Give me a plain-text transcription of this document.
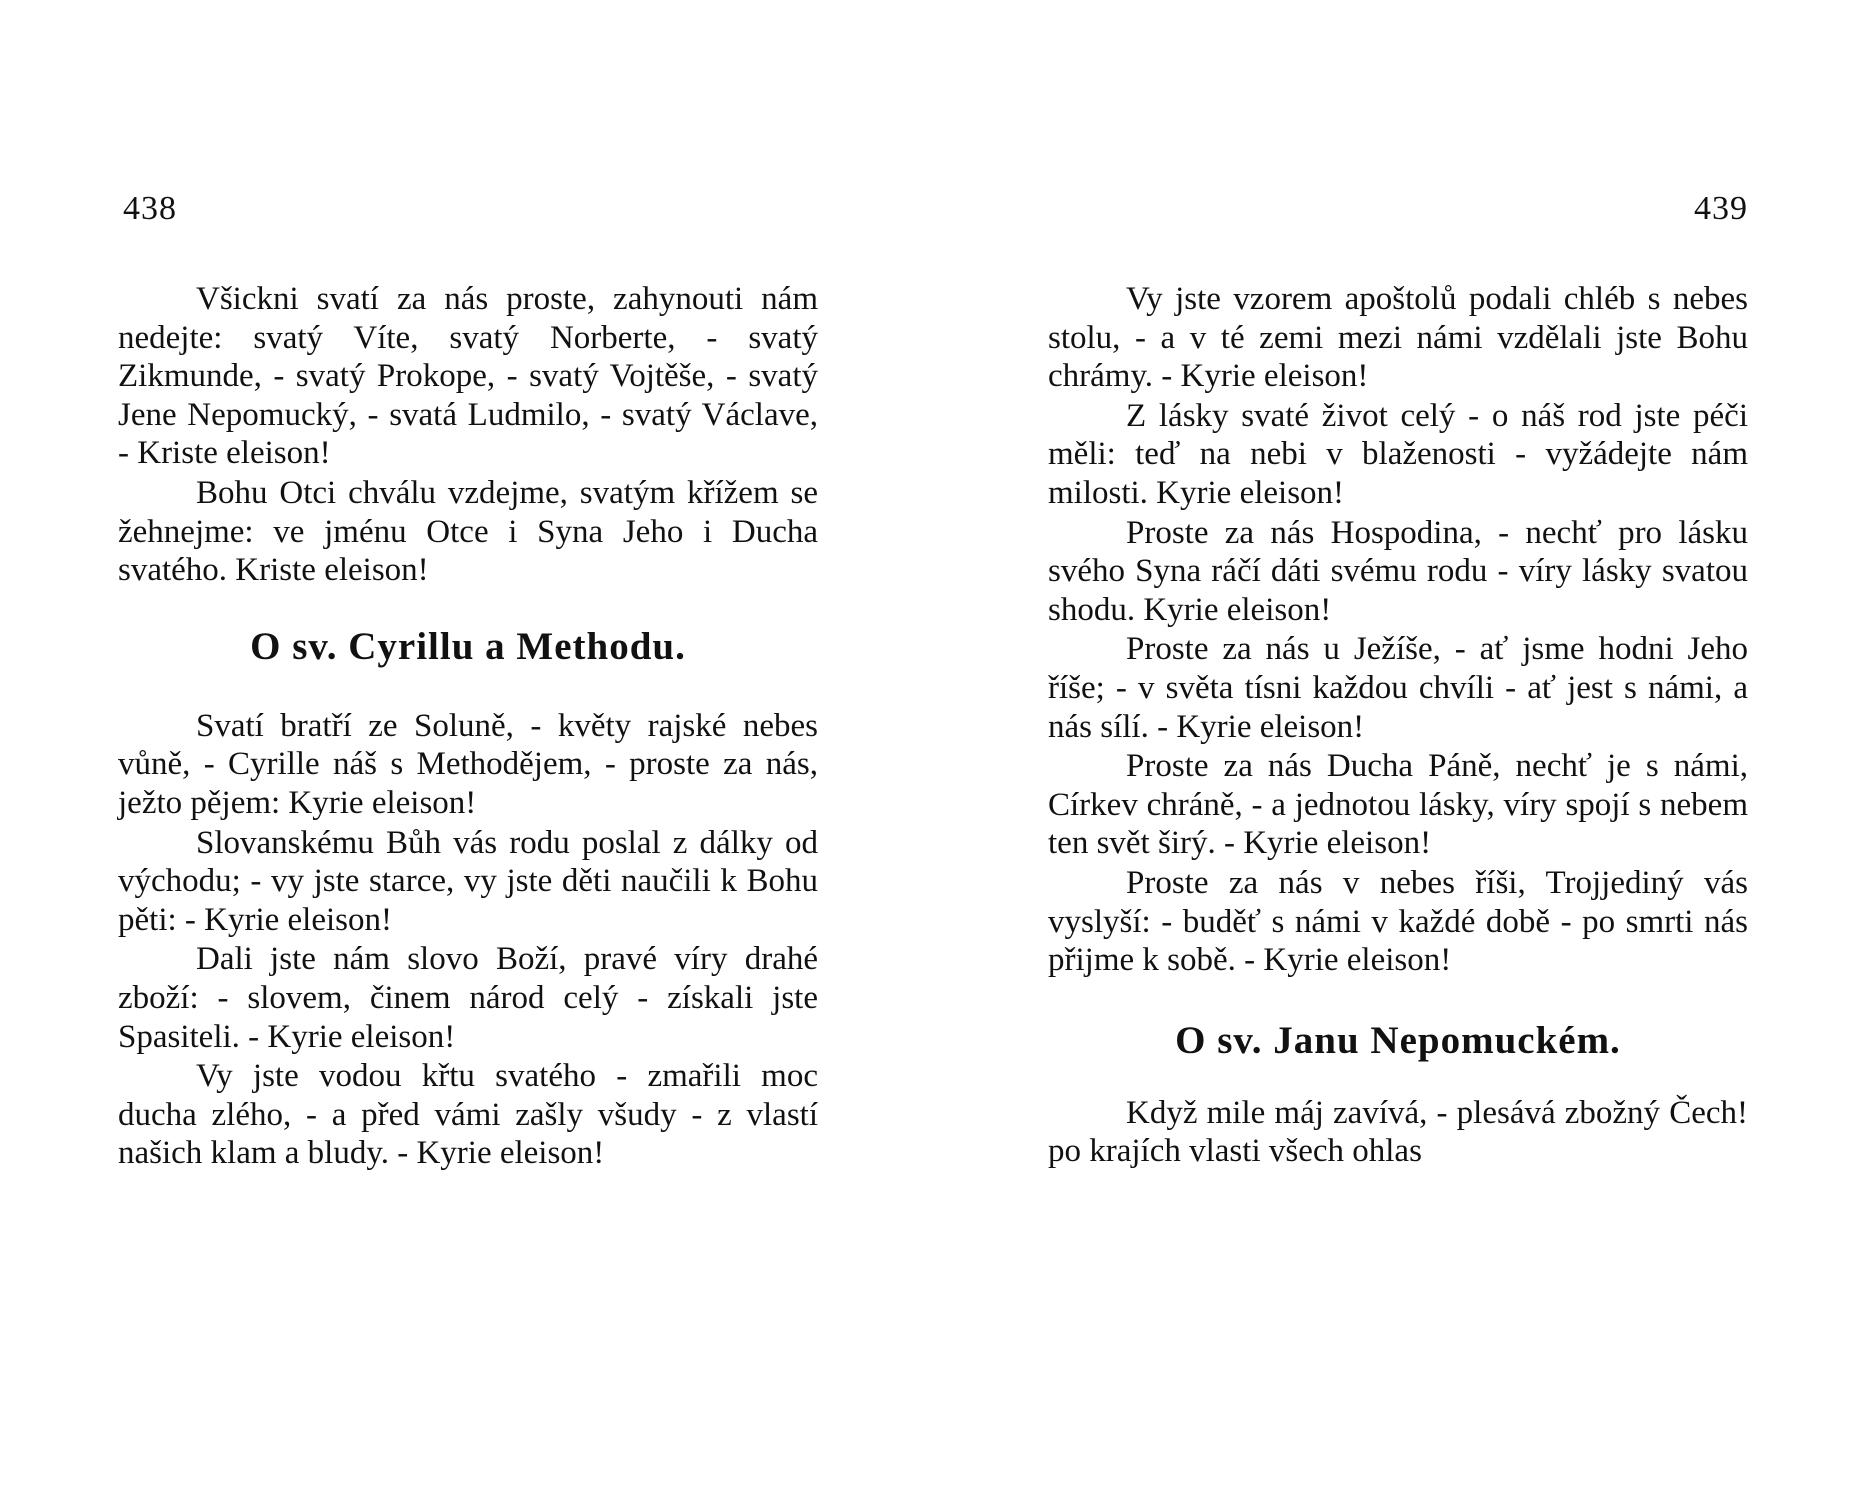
438

Všickni svatí za nás proste, zahynouti nám nedejte: svatý Víte, svatý Norberte, - svatý Zikmunde, - svatý Prokope, - svatý Vojtěše, - svatý Jene Nepomucký, - svatá Ludmilo, - svatý Václave, - Kriste eleison!

Bohu Otci chválu vzdejme, svatým křížem se žehnejme: ve jménu Otce i Syna Jeho i Ducha svatého. Kriste eleison!

O sv. Cyrillu a Methodu.

Svatí bratří ze Soluně, - květy rajské nebes vůně, - Cyrille náš s Methodějem, - proste za nás, ježto pějem: Kyrie eleison!

Slovanskému Bůh vás rodu poslal z dálky od východu; - vy jste starce, vy jste děti naučili k Bohu pěti: - Kyrie eleison!

Dali jste nám slovo Boží, pravé víry drahé zboží: - slovem, činem národ celý - získali jste Spasiteli. - Kyrie eleison!

Vy jste vodou křtu svatého - zmařili moc ducha zlého, - a před vámi zašly všudy - z vlastí našich klam a bludy. - Kyrie eleison!

439

Vy jste vzorem apoštolů podali chléb s nebes stolu, - a v té zemi mezi námi vzdělali jste Bohu chrámy. - Kyrie eleison!

Z lásky svaté život celý - o náš rod jste péči měli: teď na nebi v blaženosti - vyžádejte nám milosti. Kyrie eleison!

Proste za nás Hospodina, - nechť pro lásku svého Syna ráčí dáti svému rodu - víry lásky svatou shodu. Kyrie eleison!

Proste za nás u Ježíše, - ať jsme hodni Jeho říše; - v světa tísni každou chvíli - ať jest s námi, a nás sílí. - Kyrie eleison!

Proste za nás Ducha Páně, nechť je s námi, Církev chráně, - a jednotou lásky, víry spojí s nebem ten svět širý. - Kyrie eleison!

Proste za nás v nebes říši, Trojjediný vás vyslyší: - buděť s námi v každé době - po smrti nás přijme k sobě. - Kyrie eleison!

O sv. Janu Nepomuckém.

Když mile máj zavívá, - plesává zbožný Čech! po krajích vlasti všech ohlas
